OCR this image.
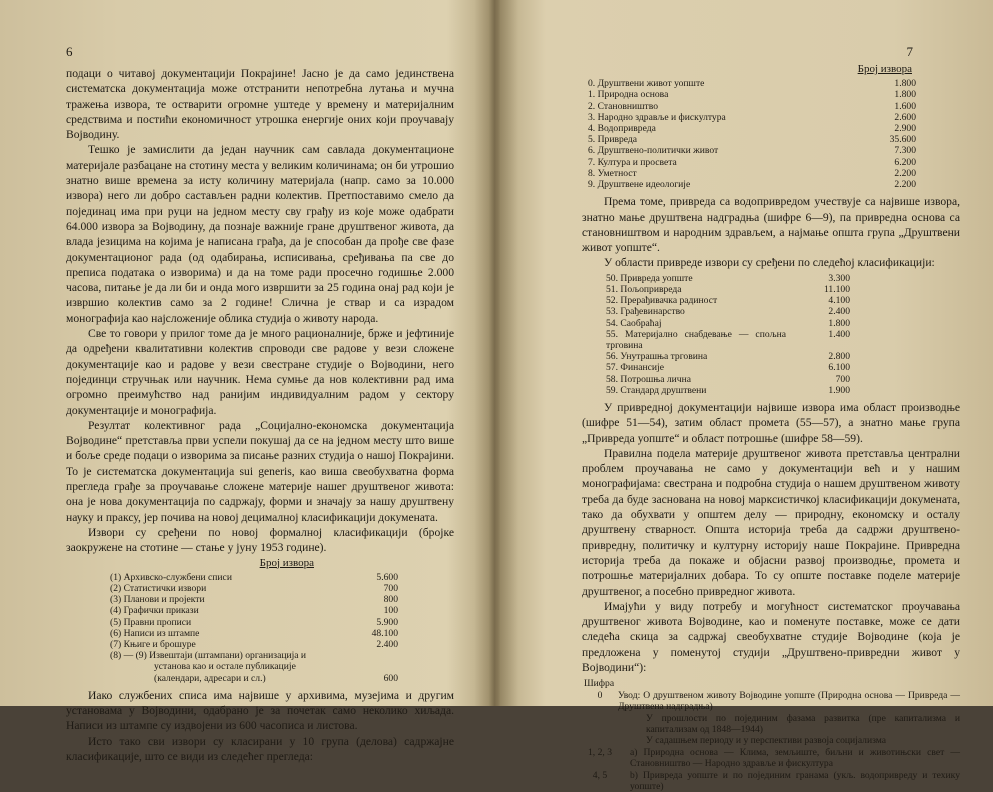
6

подаци о читавој документацији Покрајине! Јасно је да само јединствена систематска документација може отстранити непотребна лутања и мучна тражења извора, те остварити огромне уштеде у времену и материјалним средствима и постићи економичност утрошка енергије оних који проучавају Војводину.

Тешко је замислити да један научник сам савлада документационе материјале разбацане на стотину места у великим количинама; он би утрошио знатно више времена за исту количину материјала (напр. само за 10.000 извора) него ли добро састављен радни колектив. Претпоставимо смело да појединац има при руци на једном месту сву грађу из које може одабрати 64.000 извора за Војводину, да познаје важније гране друштвеног живота, да влада језицима на којима је написана грађа, да је способан да прође све фазе документационог рада (од одабирања, исписивања, сређивања па све до преписа података о изворима) и да на томе ради просечно годишње 2.000 часова, питање је да ли би и онда мого извршити за 25 година онај рад који је извршио колектив само за 2 године! Слична је ствар и са израдом монографија као најсложеније облика студија о животу народа.

Све то говори у прилог томе да је много рационалније, брже и јефтиније да одређени квалитативни колектив спроводи све радове у вези сложене документације као и радове у вези свестране студије о Војводини, него појединци стручњак или научник. Нема сумње да нов колективни рад има огромно преимућство над ранијим индивидуалним радом у сектору документације и монографија.

Резултат колективног рада „Социјално-економска документација Војводине“ претставља први успели покушај да се на једном месту што више и боље среде подаци о изворима за писање разних студија о нашој Покрајини. То је систематска документација sui generis, као виша свеобухватна форма прегледа грађе за проучавање сложене материје нашег друштвеног живота: она је нова документација по садржају, форми и значају за нашу друштвену науку и праксу, јер почива на новој децималној класификацији докумената.

Извори су сређени по новој формалној класификацији (бројке заокружене на стотине — стање у јуну 1953 године).

Број извора
(1) Архивско-службени списи	5.600
(2) Статистички извори	700
(3) Планови и пројекти	800
(4) Графички прикази	100
(5) Правни прописи	5.900
(6) Написи из штампе	48.100
(7) Књиге и брошуре	2.400
(8) — (9) Извештаји (штампани) организација и
установа као и остале публикације
(календари, адресари и сл.)	600

Иако службених списа има највише у архивима, музејима и другим установама у Војводини, одабрано је за почетак само неколико хиљада. Написи из штампе су издвојени из 600 часописа и листова.

Исто тако сви извори су класирани у 10 група (делова) садржајне класификације, што се види из следећег прегледа:

7
Број извора
0. Друштвени живот уопште	1.800
1. Природна основа	1.800
2. Становништво	1.600
3. Народно здравље и фискултура	2.600
4. Водопривреда	2.900
5. Привреда	35.600
6. Друштвено-политички живот	7.300
7. Култура и просвета	6.200
8. Уметност	2.200
9. Друштвене идеологије	2.200

Према томе, привреда са водопривредом учествује са највише извора, знатно мање друштвена надградња (шифре 6—9), па привредна основа са становништвом и народним здрављем, а најмање општа група „Друштвени живот уопште“.

У области привреде извори су сређени по следећој класификацији:

50. Привреда уопште	3.300
51. Пољопривреда	11.100
52. Прерађивачка радиност	4.100
53. Грађевинарство	2.400
54. Саобраћај	1.800
55. Материјално снабдевање — спољна трговина
1.400
56. Унутрашња трговина	2.800
57. Финансије	6.100
58. Потрошња лична	700
59. Стандард друштвени	1.900

У привредној документацији највише извора има област производње (шифре 51—54), затим област промета (55—57), а знатно мање група „Привреда уопште“ и област потрошње (шифре 58—59).

Правилна подела материје друштвеног живота претставља централни проблем проучавања не само у документацији већ и у нашим монографијама: свестрана и подробна студија о нашем друштвеном животу треба да буде заснована на новој марксистичкој класификацији докумената, тако да обухвати у општем делу — природну, економску и осталу друштвену стварност. Општа историја треба да садржи друштвено-привредну, политичку и културну историју наше Покрајине. Привредна историја треба да покаже и објасни развој производње, промета и потрошње материјалних добара. То су опште поставке поделе материје друштвеног, а посебно привредног живота.

Имајући у виду потребу и могућност систематског проучавања друштвеног живота Војводине, као и поменуте поставке, може се дати следећа скица за садржај свеобухватне студије Војводине (која је предложена у поменутој студији „Друштвено-привредни живот у Војводини“):

Шифра
0	Увод: О друштвеном животу Војводине уопште (Природна основа — Привреда — Друштвена надградња)
У прошлости по појединим фазама развитка (пре капитализма и капитализам од 1848—1944)
У садашњем периоду и у перспективи развоја социјализма
1, 2, 3	а) Природна основа — Клима, земљиште, биљни и животињски свет — Становништво — Народно здравље и фискултура
4, 5	b) Привреда уопште и по појединим гранама (укљ. водопривреду и техику уопште)
